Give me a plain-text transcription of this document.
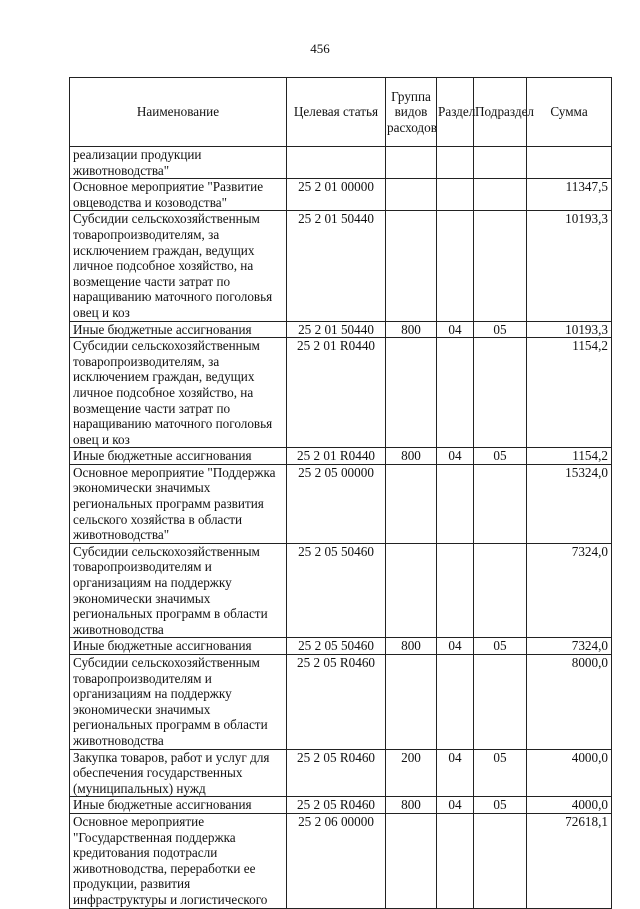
456
Наименование	Целевая статья	Группа видов расходов	Раздел	Подраздел	Сумма
реализации продукции животноводства"					
Основное мероприятие "Развитие овцеводства и козоводства"	25 2 01 00000				11347,5
Субсидии сельскохозяйственным товаропроизводителям, за исключением граждан, ведущих личное подсобное хозяйство, на возмещение части затрат по наращиванию маточного поголовья овец и коз	25 2 01 50440				10193,3
Иные бюджетные ассигнования	25 2 01 50440	800	04	05	10193,3
Субсидии сельскохозяйственным товаропроизводителям, за исключением граждан, ведущих личное подсобное хозяйство, на возмещение части затрат по наращиванию маточного поголовья овец и коз	25 2 01 R0440				1154,2
Иные бюджетные ассигнования	25 2 01 R0440	800	04	05	1154,2
Основное мероприятие "Поддержка экономически значимых региональных программ развития сельского хозяйства в области животноводства"	25 2 05 00000				15324,0
Субсидии сельскохозяйственным товаропроизводителям и организациям на поддержку экономически значимых региональных программ в области животноводства	25 2 05 50460				7324,0
Иные бюджетные ассигнования	25 2 05 50460	800	04	05	7324,0
Субсидии сельскохозяйственным товаропроизводителям и организациям на поддержку экономически значимых региональных программ в области животноводства	25 2 05 R0460				8000,0
Закупка товаров, работ и услуг для обеспечения государственных (муниципальных) нужд	25 2 05 R0460	200	04	05	4000,0
Иные бюджетные ассигнования	25 2 05 R0460	800	04	05	4000,0
Основное мероприятие "Государственная поддержка кредитования подотрасли животноводства, переработки ее продукции, развития инфраструктуры и логистического	25 2 06 00000				72618,1
